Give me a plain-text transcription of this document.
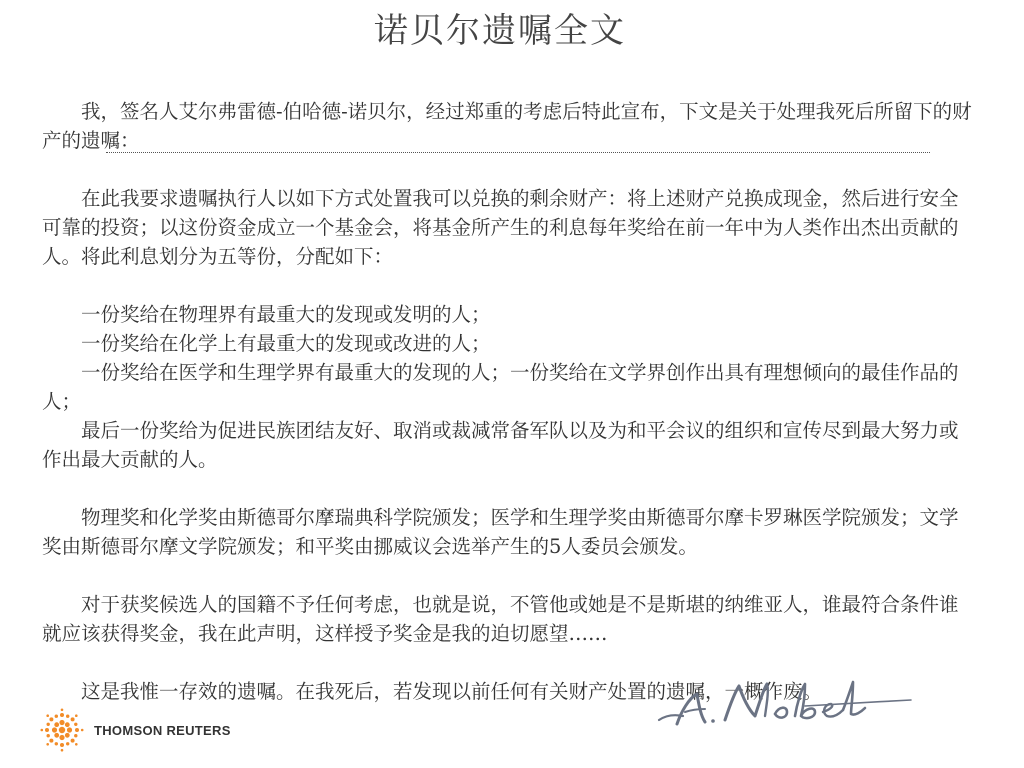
诺贝尔遗嘱全文

我，签名人艾尔弗雷德-伯哈德-诺贝尔，经过郑重的考虑后特此宣布，下文是关于处理我死后所留下的财产的遗嘱：

在此我要求遗嘱执行人以如下方式处置我可以兑换的剩余财产：将上述财产兑换成现金，然后进行安全可靠的投资；以这份资金成立一个基金会，将基金所产生的利息每年奖给在前一年中为人类作出杰出贡献的人。将此利息划分为五等份，分配如下：

一份奖给在物理界有最重大的发现或发明的人；

一份奖给在化学上有最重大的发现或改进的人；

一份奖给在医学和生理学界有最重大的发现的人；一份奖给在文学界创作出具有理想倾向的最佳作品的人；

最后一份奖给为促进民族团结友好、取消或裁减常备军队以及为和平会议的组织和宣传尽到最大努力或作出最大贡献的人。

物理奖和化学奖由斯德哥尔摩瑞典科学院颁发；医学和生理学奖由斯德哥尔摩卡罗琳医学院颁发；文学奖由斯德哥尔摩文学院颁发；和平奖由挪威议会选举产生的5人委员会颁发。

对于获奖候选人的国籍不予任何考虑，也就是说，不管他或她是不是斯堪的纳维亚人，谁最符合条件谁就应该获得奖金，我在此声明，这样授予奖金是我的迫切愿望……

这是我惟一存效的遗嘱。在我死后，若发现以前任何有关财产处置的遗嘱，一概作废。

THOMSON REUTERS
